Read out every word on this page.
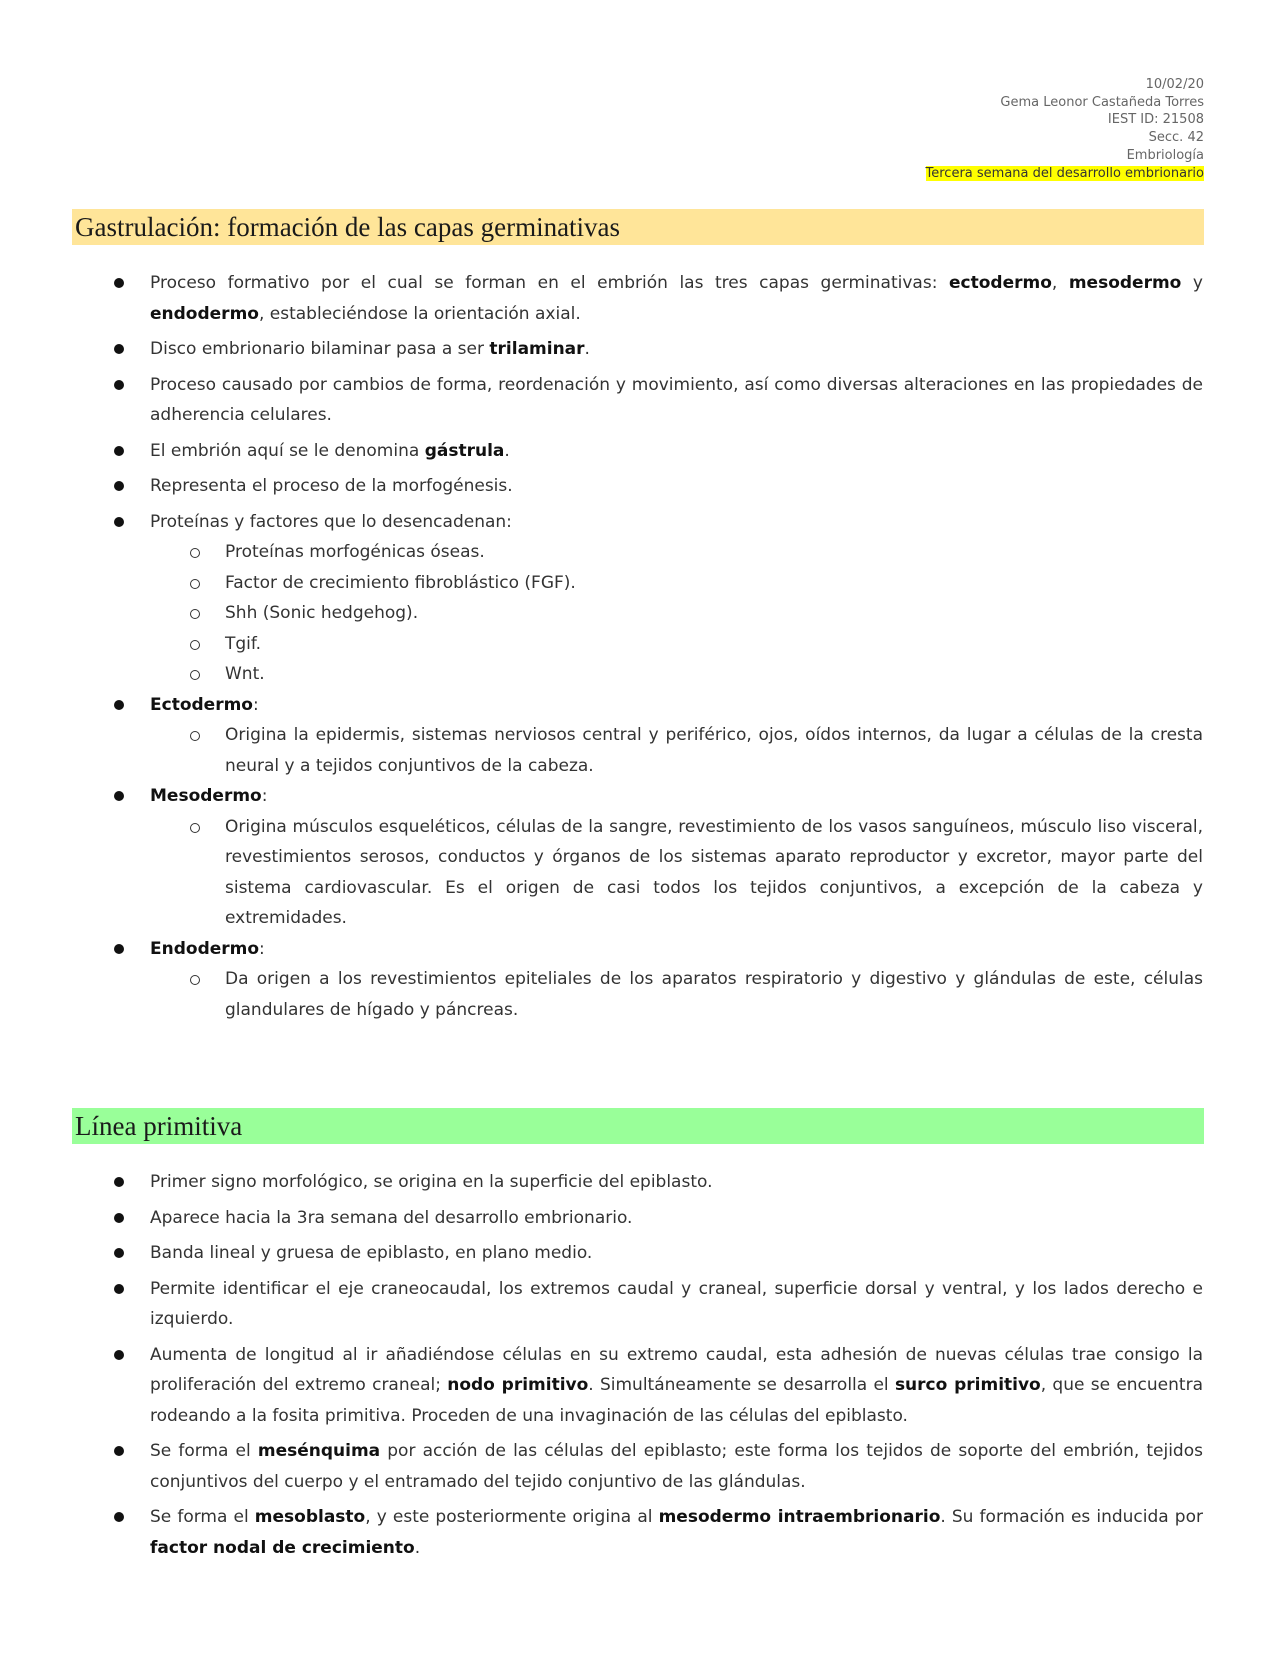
10/02/20
Gema Leonor Castañeda Torres
IEST ID: 21508
Secc. 42
Embriología
Tercera semana del desarrollo embrionario
Gastrulación: formación de las capas germinativas
Proceso formativo por el cual se forman en el embrión las tres capas germinativas: ectodermo, mesodermo y endodermo, estableciéndose la orientación axial.
Disco embrionario bilaminar pasa a ser trilaminar.
Proceso causado por cambios de forma, reordenación y movimiento, así como diversas alteraciones en las propiedades de adherencia celulares.
El embrión aquí se le denomina gástrula.
Representa el proceso de la morfogénesis.
Proteínas y factores que lo desencadenan:
Proteínas morfogénicas óseas.
Factor de crecimiento fibroblástico (FGF).
Shh (Sonic hedgehog).
Tgif.
Wnt.
Ectodermo:
Origina la epidermis, sistemas nerviosos central y periférico, ojos, oídos internos, da lugar a células de la cresta neural y a tejidos conjuntivos de la cabeza.
Mesodermo:
Origina músculos esqueléticos, células de la sangre, revestimiento de los vasos sanguíneos, músculo liso visceral, revestimientos serosos, conductos y órganos de los sistemas aparato reproductor y excretor, mayor parte del sistema cardiovascular. Es el origen de casi todos los tejidos conjuntivos, a excepción de la cabeza y extremidades.
Endodermo:
Da origen a los revestimientos epiteliales de los aparatos respiratorio y digestivo y glándulas de este, células glandulares de hígado y páncreas.
Línea primitiva
Primer signo morfológico, se origina en la superficie del epiblasto.
Aparece hacia la 3ra semana del desarrollo embrionario.
Banda lineal y gruesa de epiblasto, en plano medio.
Permite identificar el eje craneocaudal, los extremos caudal y craneal, superficie dorsal y ventral, y los lados derecho e izquierdo.
Aumenta de longitud al ir añadiéndose células en su extremo caudal, esta adhesión de nuevas células trae consigo la proliferación del extremo craneal; nodo primitivo. Simultáneamente se desarrolla el surco primitivo, que se encuentra rodeando a la fosita primitiva. Proceden de una invaginación de las células del epiblasto.
Se forma el mesénquima por acción de las células del epiblasto; este forma los tejidos de soporte del embrión, tejidos conjuntivos del cuerpo y el entramado del tejido conjuntivo de las glándulas.
Se forma el mesoblasto, y este posteriormente origina al mesodermo intraembrionario. Su formación es inducida por factor nodal de crecimiento.
